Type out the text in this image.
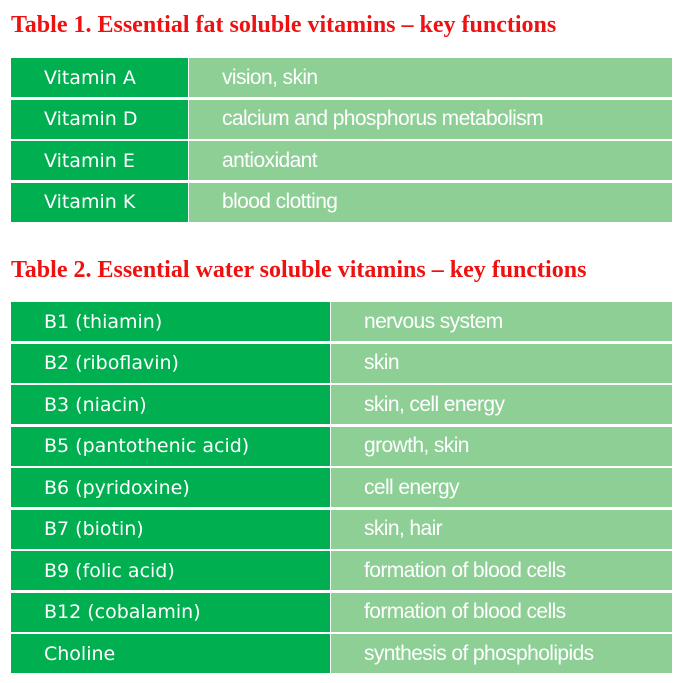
Table 1. Essential fat soluble vitamins – key functions
Vitamin A	vision, skin
Vitamin D	calcium and phosphorus metabolism
Vitamin E	antioxidant
Vitamin K	blood clotting
Table 2. Essential water soluble vitamins – key functions
B1 (thiamin)	nervous system
B2 (riboflavin)	skin
B3 (niacin)	skin, cell energy
B5 (pantothenic acid)	growth, skin
B6 (pyridoxine)	cell energy
B7 (biotin)	skin, hair
B9 (folic acid)	formation of blood cells
B12 (cobalamin)	formation of blood cells
Choline	synthesis of phospholipids
